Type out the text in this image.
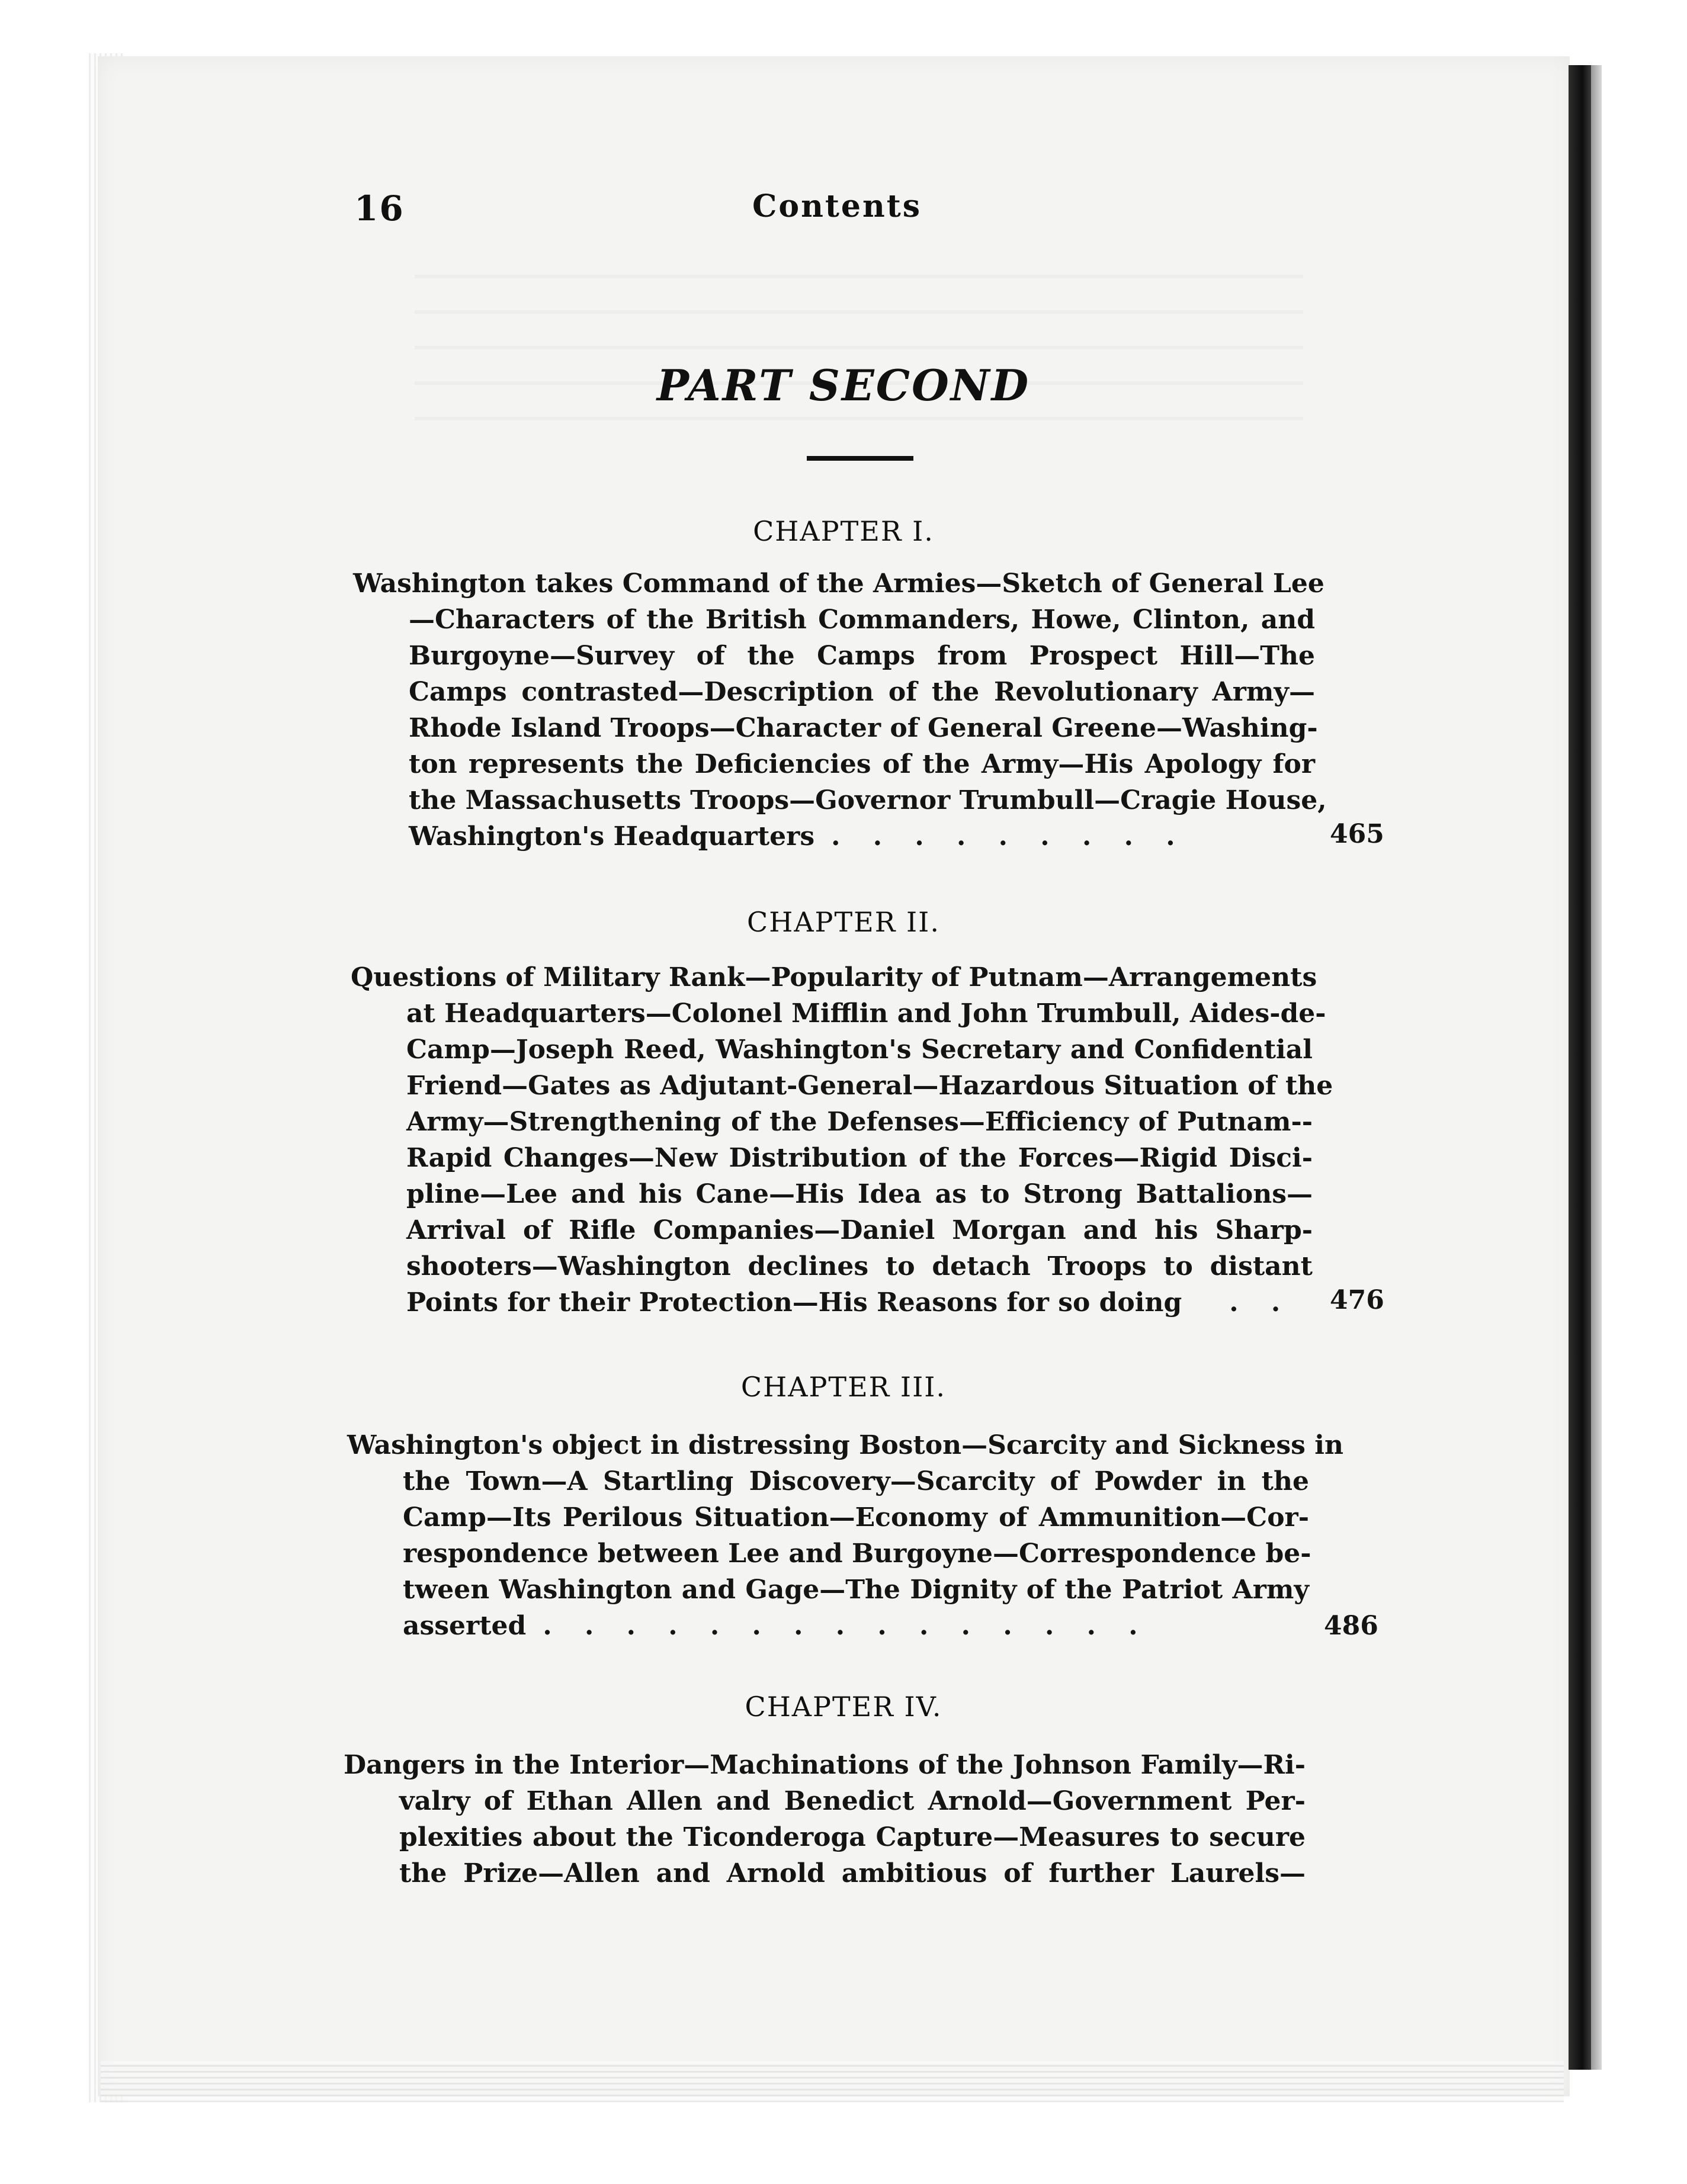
16	Contents
PART SECOND
CHAPTER I.
Washington takes Command of the Armies—Sketch of General Lee
—Characters of the British Commanders, Howe, Clinton, and
Burgoyne—Survey of the Camps from Prospect Hill—The
Camps contrasted—Description of the Revolutionary Army—
Rhode Island Troops—Character of General Greene—Washing-
ton represents the Deficiencies of the Army—His Apology for
the Massachusetts Troops—Governor Trumbull—Cragie House,
Washington's Headquarters . . . . . . . . .	465
CHAPTER II.
Questions of Military Rank—Popularity of Putnam—Arrangements
at Headquarters—Colonel Mifflin and John Trumbull, Aides-de-
Camp—Joseph Reed, Washington's Secretary and Confidential
Friend—Gates as Adjutant-General—Hazardous Situation of the
Army—Strengthening of the Defenses—Efficiency of Putnam--
Rapid Changes—New Distribution of the Forces—Rigid Disci-
pline—Lee and his Cane—His Idea as to Strong Battalions—
Arrival of Rifle Companies—Daniel Morgan and his Sharp-
shooters—Washington declines to detach Troops to distant
Points for their Protection—His Reasons for so doing . .	476
CHAPTER III.
Washington's object in distressing Boston—Scarcity and Sickness in
the Town—A Startling Discovery—Scarcity of Powder in the
Camp—Its Perilous Situation—Economy of Ammunition—Cor-
respondence between Lee and Burgoyne—Correspondence be-
tween Washington and Gage—The Dignity of the Patriot Army
asserted . . . . . . . . . . . . . . .	486
CHAPTER IV.
Dangers in the Interior—Machinations of the Johnson Family—Ri-
valry of Ethan Allen and Benedict Arnold—Government Per-
plexities about the Ticonderoga Capture—Measures to secure
the Prize—Allen and Arnold ambitious of further Laurels—
